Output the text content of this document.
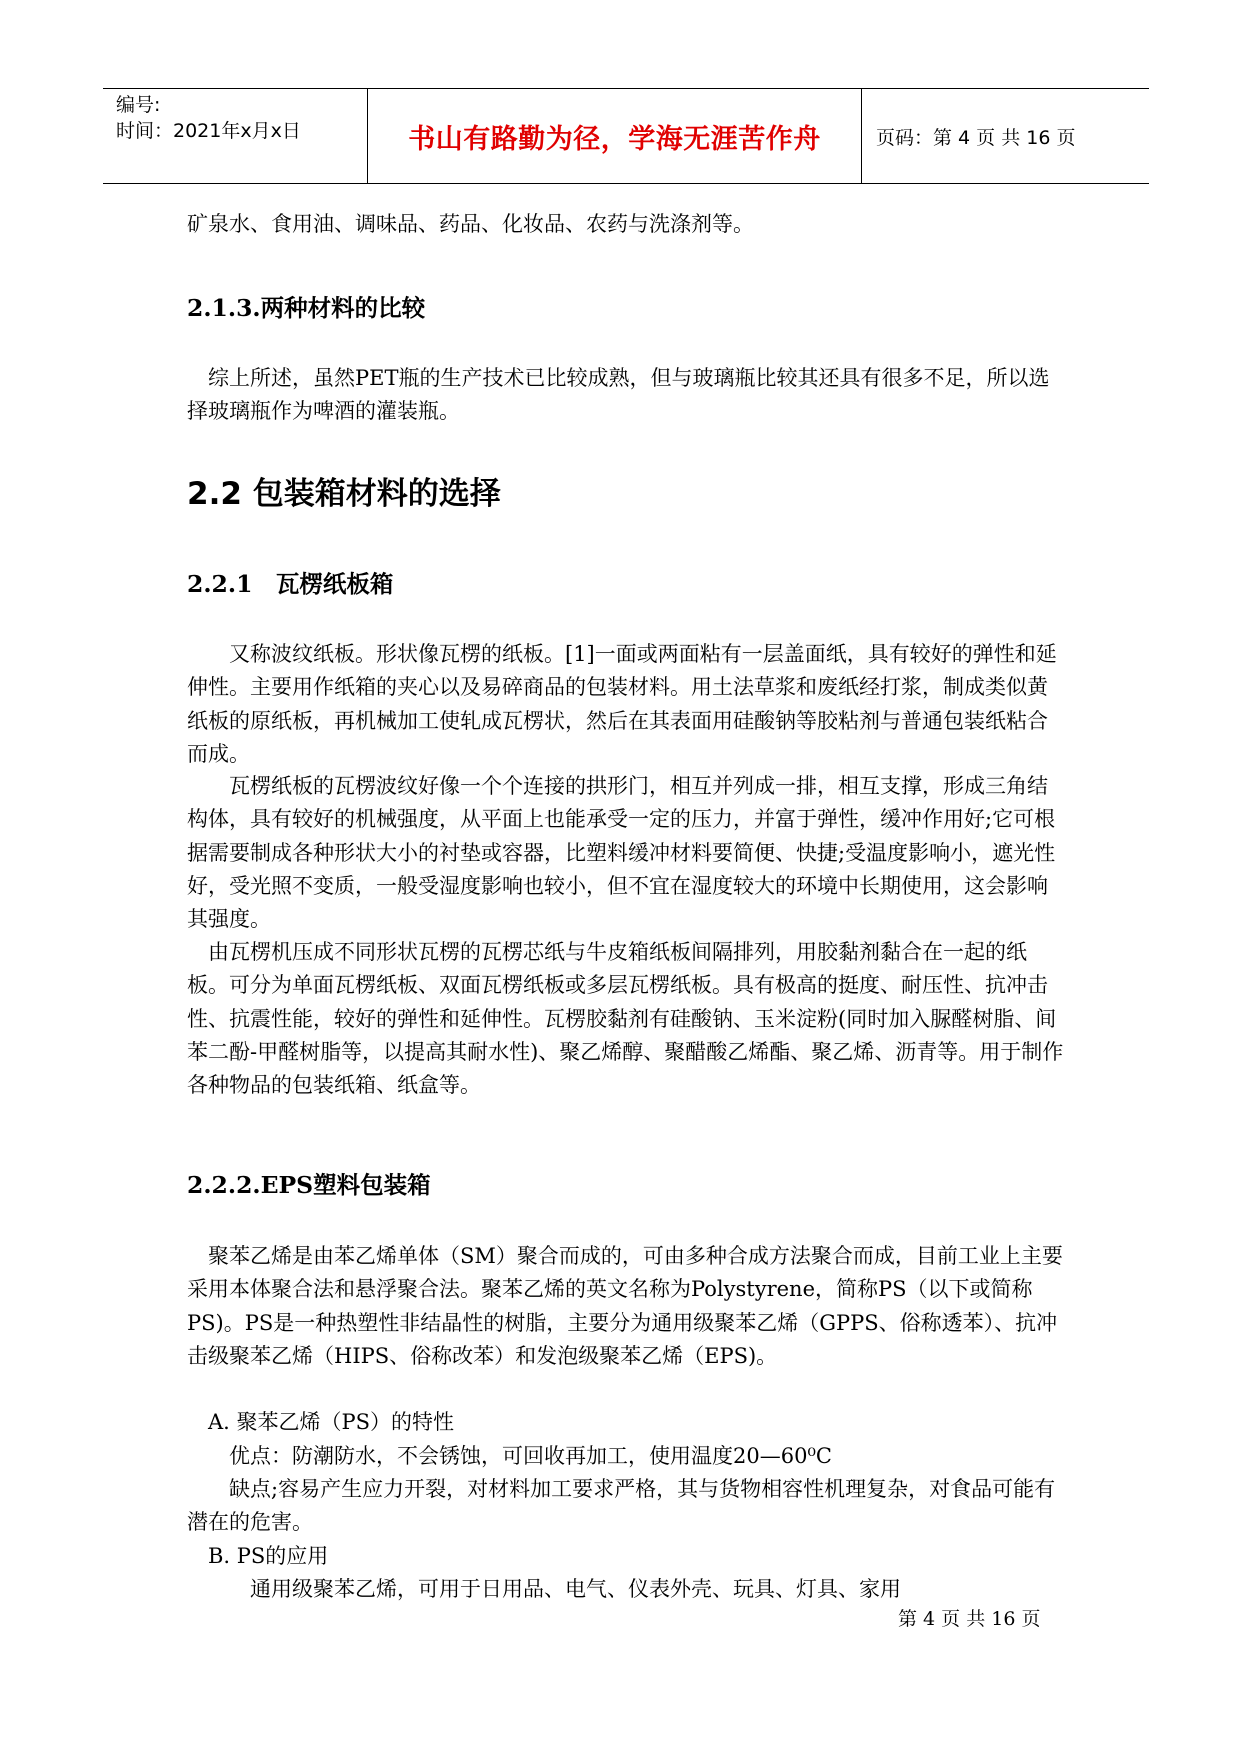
编号:
时间：2021年x月x日	书山有路勤为径，学海无涯苦作舟	页码：第 4 页 共 16 页

矿泉水、食用油、调味品、药品、化妆品、农药与洗涤剂等。

2.1.3.两种材料的比较

　综上所述，虽然PET瓶的生产技术已比较成熟，但与玻璃瓶比较其还具有很多不足，所以选择玻璃瓶作为啤酒的灌装瓶。

2.2 包装箱材料的选择
2.2.1　瓦楞纸板箱

　　又称波纹纸板。形状像瓦楞的纸板。[1]一面或两面粘有一层盖面纸，具有较好的弹性和延伸性。主要用作纸箱的夹心以及易碎商品的包装材料。用土法草浆和废纸经打浆，制成类似黄纸板的原纸板，再机械加工使轧成瓦楞状，然后在其表面用硅酸钠等胶粘剂与普通包装纸粘合而成。

　　瓦楞纸板的瓦楞波纹好像一个个连接的拱形门，相互并列成一排，相互支撑，形成三角结构体，具有较好的机械强度，从平面上也能承受一定的压力，并富于弹性，缓冲作用好;它可根据需要制成各种形状大小的衬垫或容器，比塑料缓冲材料要简便、快捷;受温度影响小，遮光性好，受光照不变质，一般受湿度影响也较小，但不宜在湿度较大的环境中长期使用，这会影响其强度。

　由瓦楞机压成不同形状瓦楞的瓦楞芯纸与牛皮箱纸板间隔排列，用胶黏剂黏合在一起的纸板。可分为单面瓦楞纸板、双面瓦楞纸板或多层瓦楞纸板。具有极高的挺度、耐压性、抗冲击性、抗震性能，较好的弹性和延伸性。瓦楞胶黏剂有硅酸钠、玉米淀粉(同时加入脲醛树脂、间苯二酚-甲醛树脂等，以提高其耐水性)、聚乙烯醇、聚醋酸乙烯酯、聚乙烯、沥青等。用于制作各种物品的包装纸箱、纸盒等。

2.2.2.EPS塑料包装箱

　聚苯乙烯是由苯乙烯单体（SM）聚合而成的，可由多种合成方法聚合而成，目前工业上主要采用本体聚合法和悬浮聚合法。聚苯乙烯的英文名称为Polystyrene，简称PS（以下或简称PS)。PS是一种热塑性非结晶性的树脂，主要分为通用级聚苯乙烯（GPPS、俗称透苯）、抗冲击级聚苯乙烯（HIPS、俗称改苯）和发泡级聚苯乙烯（EPS)。

　A. 聚苯乙烯（PS）的特性

　　优点：防潮防水，不会锈蚀，可回收再加工，使用温度20—60⁰C

　　缺点;容易产生应力开裂，对材料加工要求严格，其与货物相容性机理复杂，对食品可能有潜在的危害。

　B. PS的应用

　　　通用级聚苯乙烯，可用于日用品、电气、仪表外壳、玩具、灯具、家用

第 4 页 共 16 页
